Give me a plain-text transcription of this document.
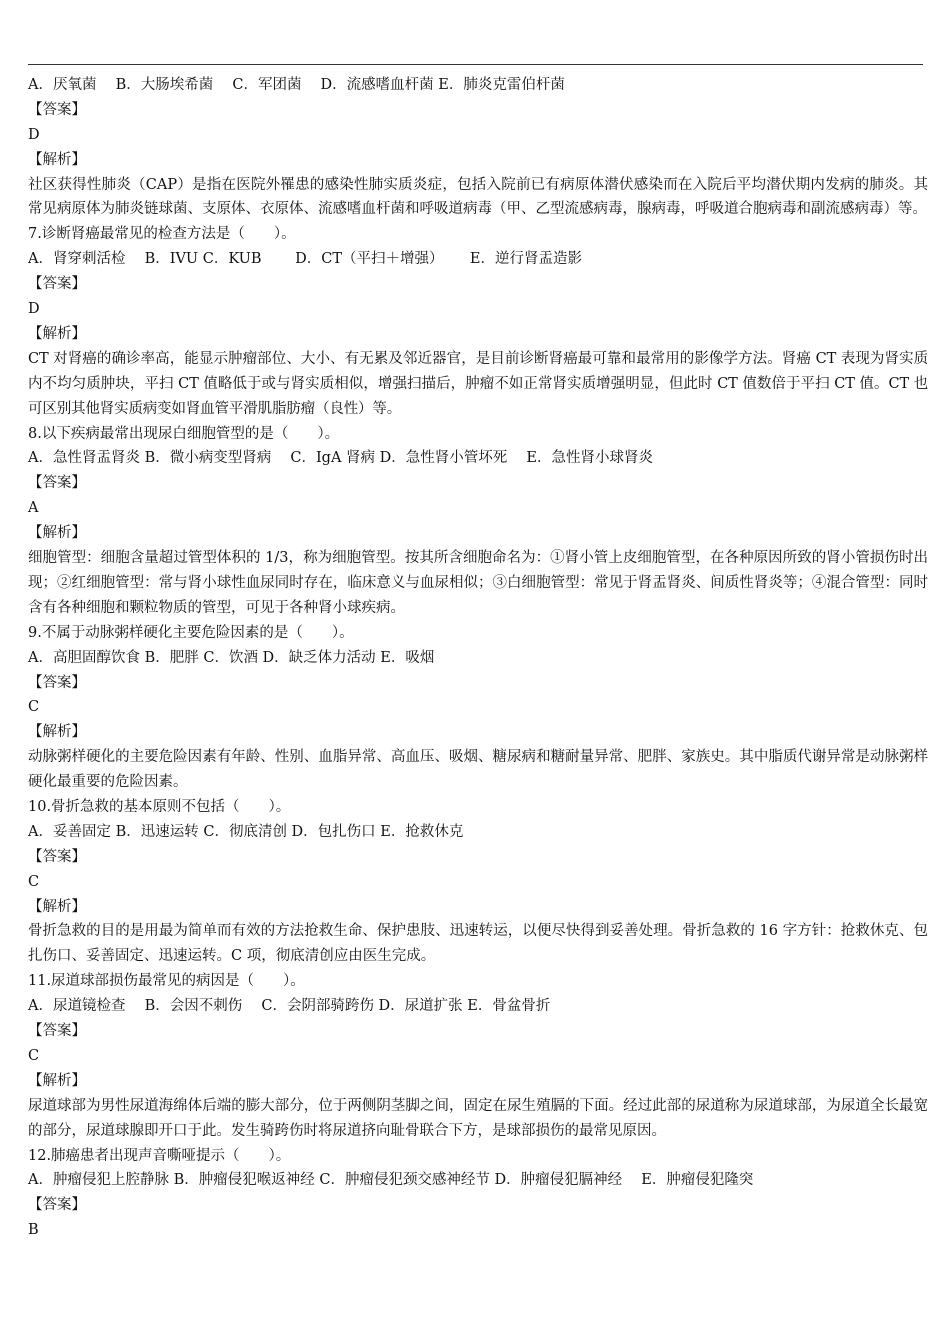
A．厌氧菌　 B．大肠埃希菌　 C．军团菌　 D．流感嗜血杆菌 E．肺炎克雷伯杆菌
【答案】
D
【解析】
社区获得性肺炎（CAP）是指在医院外罹患的感染性肺实质炎症，包括入院前已有病原体潜伏感染而在入院后平均潜伏期内发病的肺炎。其常见病原体为肺炎链球菌、支原体、衣原体、流感嗜血杆菌和呼吸道病毒（甲、乙型流感病毒，腺病毒，呼吸道合胞病毒和副流感病毒）等。
7.诊断肾癌最常见的检查方法是（　　）。
A．肾穿刺活检　 B．IVU C．KUB　　 D．CT（平扫＋增强）　　 E．逆行肾盂造影
【答案】
D
【解析】
CT 对肾癌的确诊率高，能显示肿瘤部位、大小、有无累及邻近器官，是目前诊断肾癌最可靠和最常用的影像学方法。肾癌 CT 表现为肾实质内不均匀质肿块，平扫 CT 值略低于或与肾实质相似，增强扫描后，肿瘤不如正常肾实质增强明显，但此时 CT 值数倍于平扫 CT 值。CT 也可区别其他肾实质病变如肾血管平滑肌脂肪瘤（良性）等。
8.以下疾病最常出现尿白细胞管型的是（　　）。
A．急性肾盂肾炎 B．微小病变型肾病　 C．IgA 肾病 D．急性肾小管坏死　 E．急性肾小球肾炎
【答案】
A
【解析】
细胞管型：细胞含量超过管型体积的 1/3，称为细胞管型。按其所含细胞命名为：①肾小管上皮细胞管型，在各种原因所致的肾小管损伤时出现；②红细胞管型：常与肾小球性血尿同时存在，临床意义与血尿相似；③白细胞管型：常见于肾盂肾炎、间质性肾炎等；④混合管型：同时含有各种细胞和颗粒物质的管型，可见于各种肾小球疾病。
9.不属于动脉粥样硬化主要危险因素的是（　　）。
A．高胆固醇饮食 B．肥胖 C．饮酒 D．缺乏体力活动 E．吸烟
【答案】
C
【解析】
动脉粥样硬化的主要危险因素有年龄、性别、血脂异常、高血压、吸烟、糖尿病和糖耐量异常、肥胖、家族史。其中脂质代谢异常是动脉粥样硬化最重要的危险因素。
10.骨折急救的基本原则不包括（　　）。
A．妥善固定 B．迅速运转 C．彻底清创 D．包扎伤口 E．抢救休克
【答案】
C
【解析】
骨折急救的目的是用最为简单而有效的方法抢救生命、保护患肢、迅速转运，以便尽快得到妥善处理。骨折急救的 16 字方针：抢救休克、包扎伤口、妥善固定、迅速运转。C 项，彻底清创应由医生完成。
11.尿道球部损伤最常见的病因是（　　）。
A．尿道镜检查　 B．会因不刺伤　 C．会阴部骑跨伤 D．尿道扩张 E．骨盆骨折
【答案】
C
【解析】
尿道球部为男性尿道海绵体后端的膨大部分，位于两侧阴茎脚之间，固定在尿生殖膈的下面。经过此部的尿道称为尿道球部，为尿道全长最宽的部分，尿道球腺即开口于此。发生骑跨伤时将尿道挤向耻骨联合下方，是球部损伤的最常见原因。
12.肺癌患者出现声音嘶哑提示（　　）。
A．肿瘤侵犯上腔静脉 B．肿瘤侵犯喉返神经 C．肿瘤侵犯颈交感神经节 D．肿瘤侵犯膈神经　 E．肿瘤侵犯隆突
【答案】
B
